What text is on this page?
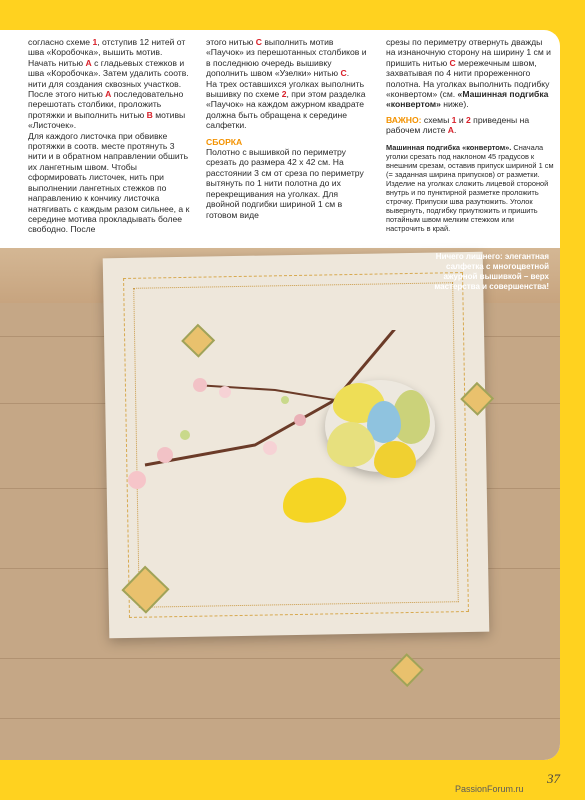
согласно схеме 1, отступив 12 нитей от шва «Коробочка», вышить мотив. Начать нитью A с гладьевых стежков и шва «Коробочка». Затем удалить соотв. нити для создания сквозных участков. После этого нитью A последовательно перешотать столбики, проложить протяжки и выполнить нитью B мотивы «Листочек».

Для каждого листочка при обвивке протяжки в соотв. месте протянуть 3 нити и в обратном направлении обшить их лангетным швом. Чтобы сформировать листочек, нить при выполнении лангетных стежков по направлению к кончику листочка натягивать с каждым разом сильнее, а к середине мотива прокладывать более свободно. После

этого нитью C выполнить мотив «Паучок» из перешотанных столбиков и в последнюю очередь вышивку дополнить швом «Узелки» нитью C.

На трех оставшихся уголках выполнить вышивку по схеме 2, при этом разделка «Паучок» на каждом ажурном квадрате должна быть обращена к середине салфетки.

СБОРКА

Полотно с вышивкой по периметру срезать до размера 42 х 42 см. На расстоянии 3 см от среза по периметру вытянуть по 1 нити полотна до их перекрещивания на уголках. Для двойной подгибки шириной 1 см в готовом виде

срезы по периметру отвернуть дважды на изнаночную сторону на ширину 1 см и пришить нитью C мережечным швом, захватывая по 4 нити прореженного полотна. На уголках выполнить подгибку «конвертом» (см. «Машинная подгибка «конвертом» ниже).

ВАЖНО: схемы 1 и 2 приведены на рабочем листе A.

Машинная подгибка «конвертом». Сначала уголки срезать под наклоном 45 градусов к внешним срезам, оставив припуск шириной 1 см (= заданная ширина припусков) от разметки. Изделие на уголках сложить лицевой стороной внутрь и по пунктирной разметке проложить строчку. Припуски шва разутюжить. Уголок вывернуть, подгибку приутюжить и пришить потайным швом мелким стежком или настрочить в край.

Ничего лишнего: элегантная салфетка с многоцветной ажурной вышивкой – верх мастерства и совершенства!
37
PassionForum.ru
